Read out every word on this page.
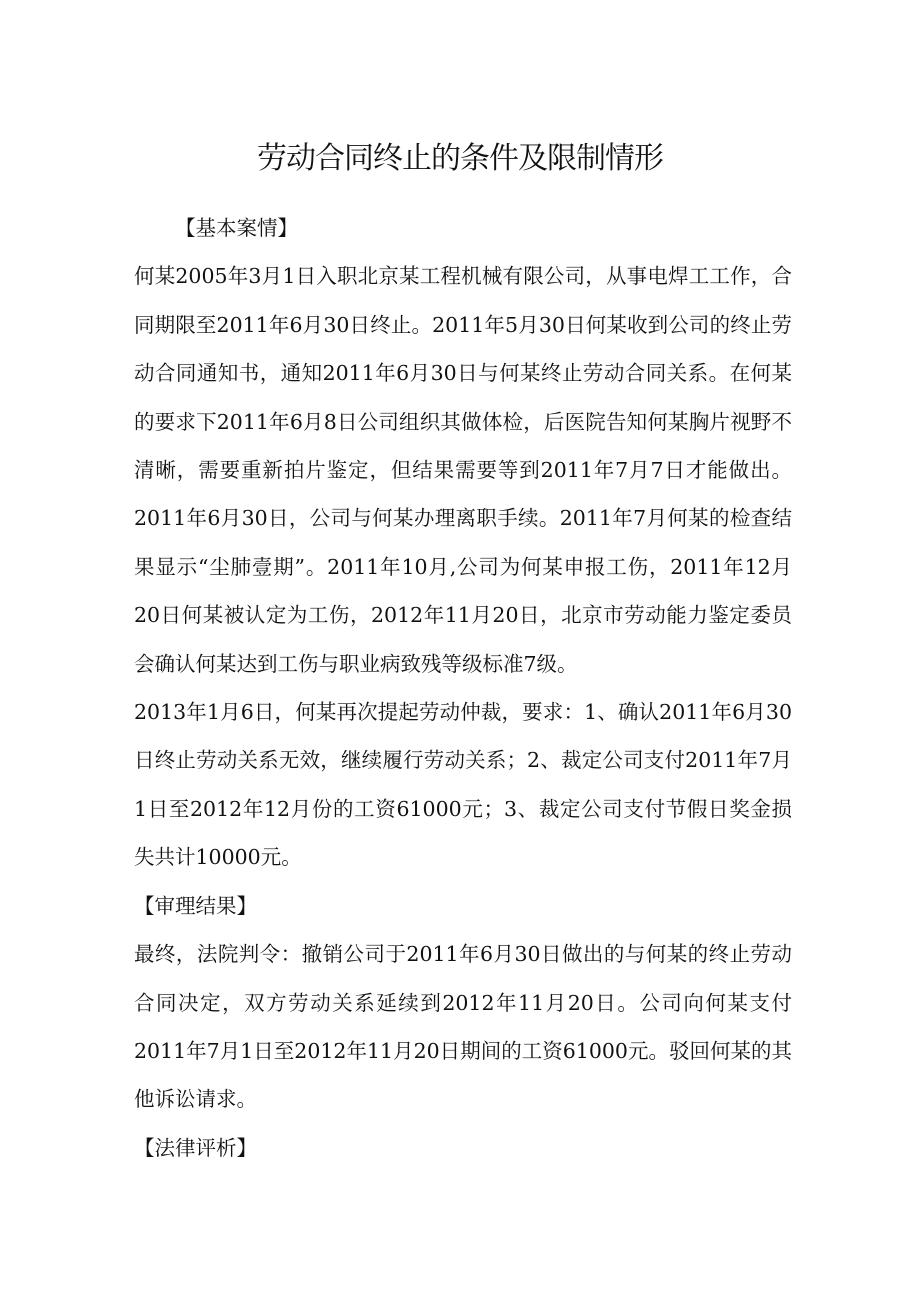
劳动合同终止的条件及限制情形

【基本案情】

何某2005年3月1日入职北京某工程机械有限公司，从事电焊工工作，合同期限至2011年6月30日终止。2011年5月30日何某收到公司的终止劳动合同通知书，通知2011年6月30日与何某终止劳动合同关系。在何某的要求下2011年6月8日公司组织其做体检，后医院告知何某胸片视野不清晰，需要重新拍片鉴定，但结果需要等到2011年7月7日才能做出。2011年6月30日，公司与何某办理离职手续。2011年7月何某的检查结果显示“尘肺壹期”。2011年10月,公司为何某申报工伤，2011年12月20日何某被认定为工伤，2012年11月20日，北京市劳动能力鉴定委员会确认何某达到工伤与职业病致残等级标准7级。

2013年1月6日，何某再次提起劳动仲裁，要求：1、确认2011年6月30日终止劳动关系无效，继续履行劳动关系；2、裁定公司支付2011年7月1日至2012年12月份的工资61000元；3、裁定公司支付节假日奖金损失共计10000元。

【审理结果】

最终，法院判令：撤销公司于2011年6月30日做出的与何某的终止劳动合同决定，双方劳动关系延续到2012年11月20日。公司向何某支付2011年7月1日至2012年11月20日期间的工资61000元。驳回何某的其他诉讼请求。

【法律评析】
